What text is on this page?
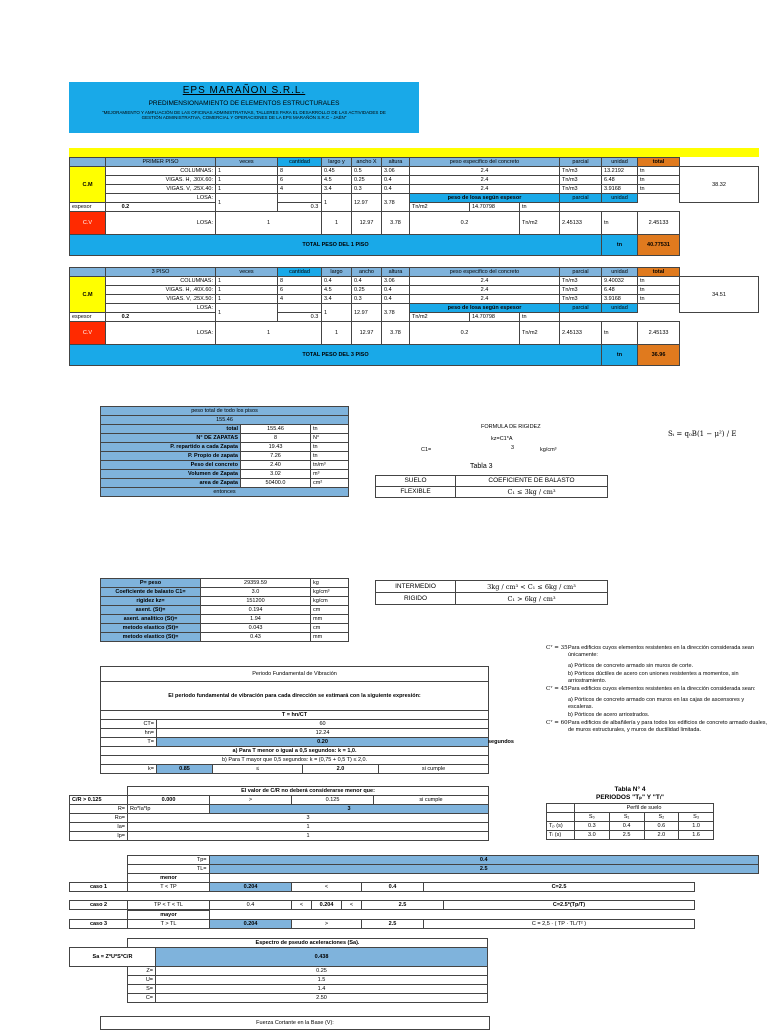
EPS MARAÑON S.R.L.
PREDIMENSIONAMIENTO DE ELEMENTOS ESTRUCTURALES
"MEJORAMIENTO Y AMPLIACIÓN DE LAS OFICINAS ADMINISTRATIVAS, TALLERES PARA EL DESARROLLO DE LAS ACTIVIDADES DE
GESTIÓN ADMINISTRATIVA, COMERCIAL Y OPERACIONES DE LA EPS MARAÑÓN S.R.C - JAÉN"
	PRIMER PISO	veces	cantidad	largo y	ancho X	altura	peso especifico del concreto			parcial	unidad	total	
C.M	COLUMNAS:	1	8	0.45	0.5	3.06	2.4			Tn/m3	13.2192	tn	38.32
	VIGAS. H, .30X.60:	1	6	4.5	0.25	0.4	2.4			Tn/m3	6.48	tn	
	VIGAS. V, .25X.40:	1	4	3.4	0.3	0.4	2.4			Tn/m3	3.9168	tn	
	LOSA:	1		1	12.97	3.78	peso de losa según espesor			parcial	unidad		
espesor 0.2			0.3				Tn/m2	14.70798	tn				
C.V	LOSA:	1		1	12.97	3.78	0.2		Tn/m2	2.45133	tn	2.45133	
TOTAL PESO DEL 1 PISO											tn	40.77531	
	3 PISO	veces	cantidad	largo	ancho	altura	peso especifico del concreto			parcial	unidad	total	
C.M	COLUMNAS:	1	8	0.4	0.4	3.06	2.4			Tn/m3	9.40032	tn	34.51
	VIGAS. H, .40X.60:	1	6	4.5	0.25	0.4	2.4			Tn/m3	6.48	tn	
	VIGAS. V, .25X.50:	1	4	3.4	0.3	0.4	2.4			Tn/m3	3.9168	tn	
	LOSA:	1		1	12.97	3.78	peso de losa según espesor			parcial	unidad		
espesor 0.2			0.3				Tn/m2	14.70798	tn				
C.V	LOSA:	1		1	12.97	3.78	0.2		Tn/m2	2.45133	tn	2.45133	
TOTAL PESO DEL 3 PISO											tn	36.96	
peso total de todo los pisos		
155.46		
total	155.46	tn
N° DE ZAPATAS	8	N°
P. repartido a cada Zapata	19.43	tn
P. Propio de zapata	7.26	tn
Peso del concreto	2.40	tn/m³
Volumen de Zapata	3.02	m³
area de Zapata	50400.0	cm²
entonces		
FORMULA DE RIGIDEZ
kz=C1*A
C1=	3	kg/cm³
Sᵢ = q₀B(1 − μ²) / E
Tabla 3
SUELO	COEFICIENTE DE BALASTO
FLEXIBLE	C₁ ≤ 3kg / cm³
INTERMEDIO	3kg / cm³ < C₁ ≤ 6kg / cm³
RIGIDO	C₁ > 6kg / cm³
P= peso	29359.59	kg
Coeficiente de balasto C1=	3.0	kg/cm³
rigidez kz=	151200	kg/cm
asent. (St)=	0.194	cm
asent. analitico (St)=	1.94	mm
metodo elastico (St)=	0.043	cm
metodo elastico (St)=	0.43	mm
Cᵀ = 35 Para edificios cuyos elementos resistentes en la dirección considerada sean únicamente:
a) Pórticos de concreto armado sin muros de corte.
b) Pórticos dúctiles de acero con uniones resistentes a momentos, sin arriostramiento.
Cᵀ = 45 Para edificios cuyos elementos resistentes en la dirección considerada sean:
a) Pórticos de concreto armado con muros en las cajas de ascensores y escaleras.
b) Pórticos de acero arriostrados.
Cᵀ = 60 Para edificios de albañilería y para todos los edificios de concreto armado duales, de muros estructurales, y muros de ductilidad limitada.
Periodo Fundamental de Vibración				
El periodo fundamental de vibración para cada dirección se estimará con la siguiente expresión:				
T = hn/CT				
CT=	60			
hn=	12.24			
T=	0.20			
a) Para T menor o igual a 0,5 segundos: k = 1,0.				
b) Para T mayor que 0,5 segundos: k = (0,75 + 0,5 T) ≤ 2,0.				
k=	0.85	≤	2.0	si cumple
segundos
	El valor de C/R no deberá considerarse menor que:			
C/R > 0.125	0.000	>	0.125	si cumple
R=	Ro*Ia*Ip	3		
Ro=	3			
Ia=	1			
Ip=	1			
Tabla N° 4
PERIODOS "Tₚ" Y "Tₗ"
	Perfil de suelo			
	S₀	S₁	S₂	S₃
Tₚ (s)	0.3	0.4	0.6	1.0
Tₗ (s)	3.0	2.5	2.0	1.6
	Tp=	0.4
	TL=	2.5
	menor				
caso 1	T < TP	0.204	<	0.4	C=2.5
caso 2	TP < T < TL	0.4	<	0.204	<	2.5	C=2.5*(Tp/T)
	mayor				
caso 3	T > TL	0.204	>	2.5	C = 2,5 · ( TP · TL/T² )
	Espectro de pseudo aceleraciones (Sa).	
Sa = Z*U*S*C/R		0.438
	Z=	0.25
	U=	1.5
	S=	1.4
	C=	2.50
Fuerza Cortante en la Base (V):
